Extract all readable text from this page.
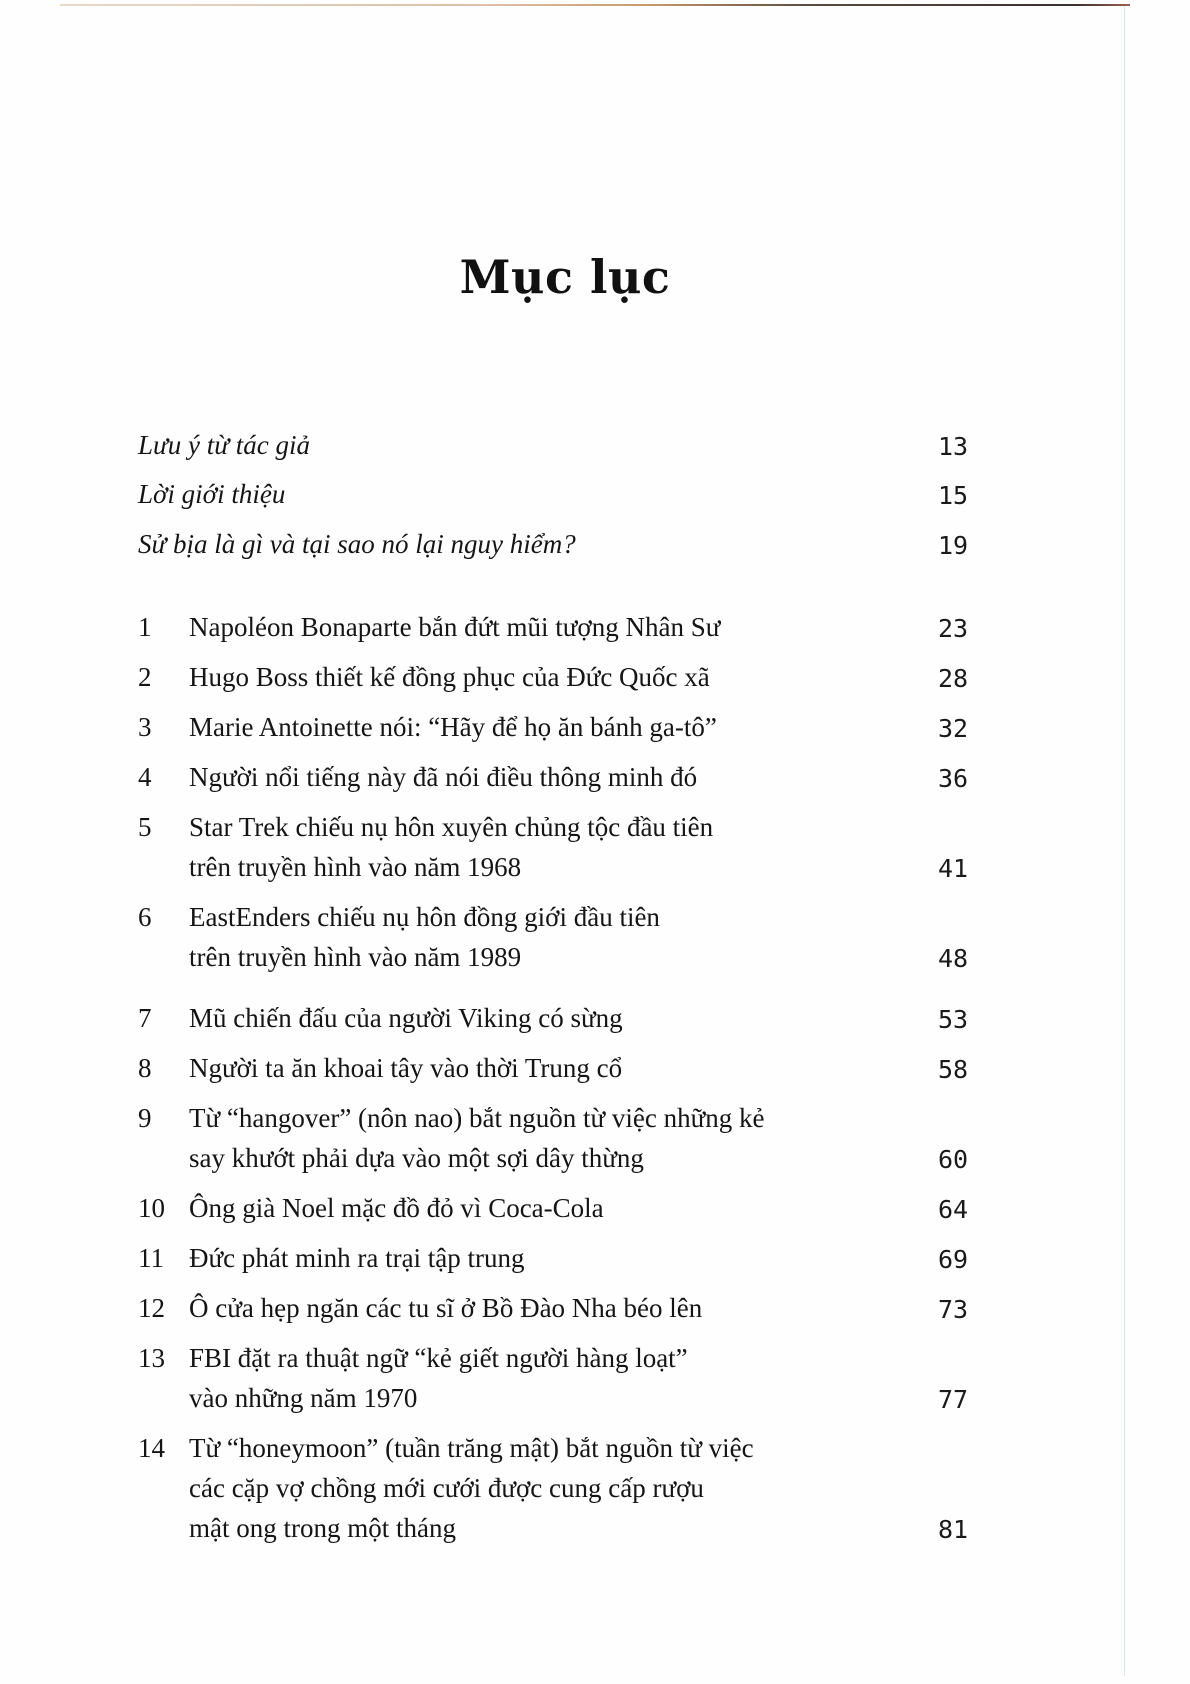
Mục lục
Lưu ý từ tác giả	13
Lời giới thiệu	15
Sử bịa là gì và tại sao nó lại nguy hiểm?	19
1 Napoléon Bonaparte bắn đứt mũi tượng Nhân Sư	23
2 Hugo Boss thiết kế đồng phục của Đức Quốc xã	28
3 Marie Antoinette nói: “Hãy để họ ăn bánh ga-tô”	32
4 Người nổi tiếng này đã nói điều thông minh đó	36
5 Star Trek chiếu nụ hôn xuyên chủng tộc đầu tiên
trên truyền hình vào năm 1968	41
6 EastEnders chiếu nụ hôn đồng giới đầu tiên
trên truyền hình vào năm 1989	48
7 Mũ chiến đấu của người Viking có sừng	53
8 Người ta ăn khoai tây vào thời Trung cổ	58
9 Từ “hangover” (nôn nao) bắt nguồn từ việc những kẻ
say khướt phải dựa vào một sợi dây thừng	60
10 Ông già Noel mặc đồ đỏ vì Coca-Cola	64
11 Đức phát minh ra trại tập trung	69
12 Ô cửa hẹp ngăn các tu sĩ ở Bồ Đào Nha béo lên	73
13 FBI đặt ra thuật ngữ “kẻ giết người hàng loạt”
vào những năm 1970	77
14 Từ “honeymoon” (tuần trăng mật) bắt nguồn từ việc
các cặp vợ chồng mới cưới được cung cấp rượu
mật ong trong một tháng	81
